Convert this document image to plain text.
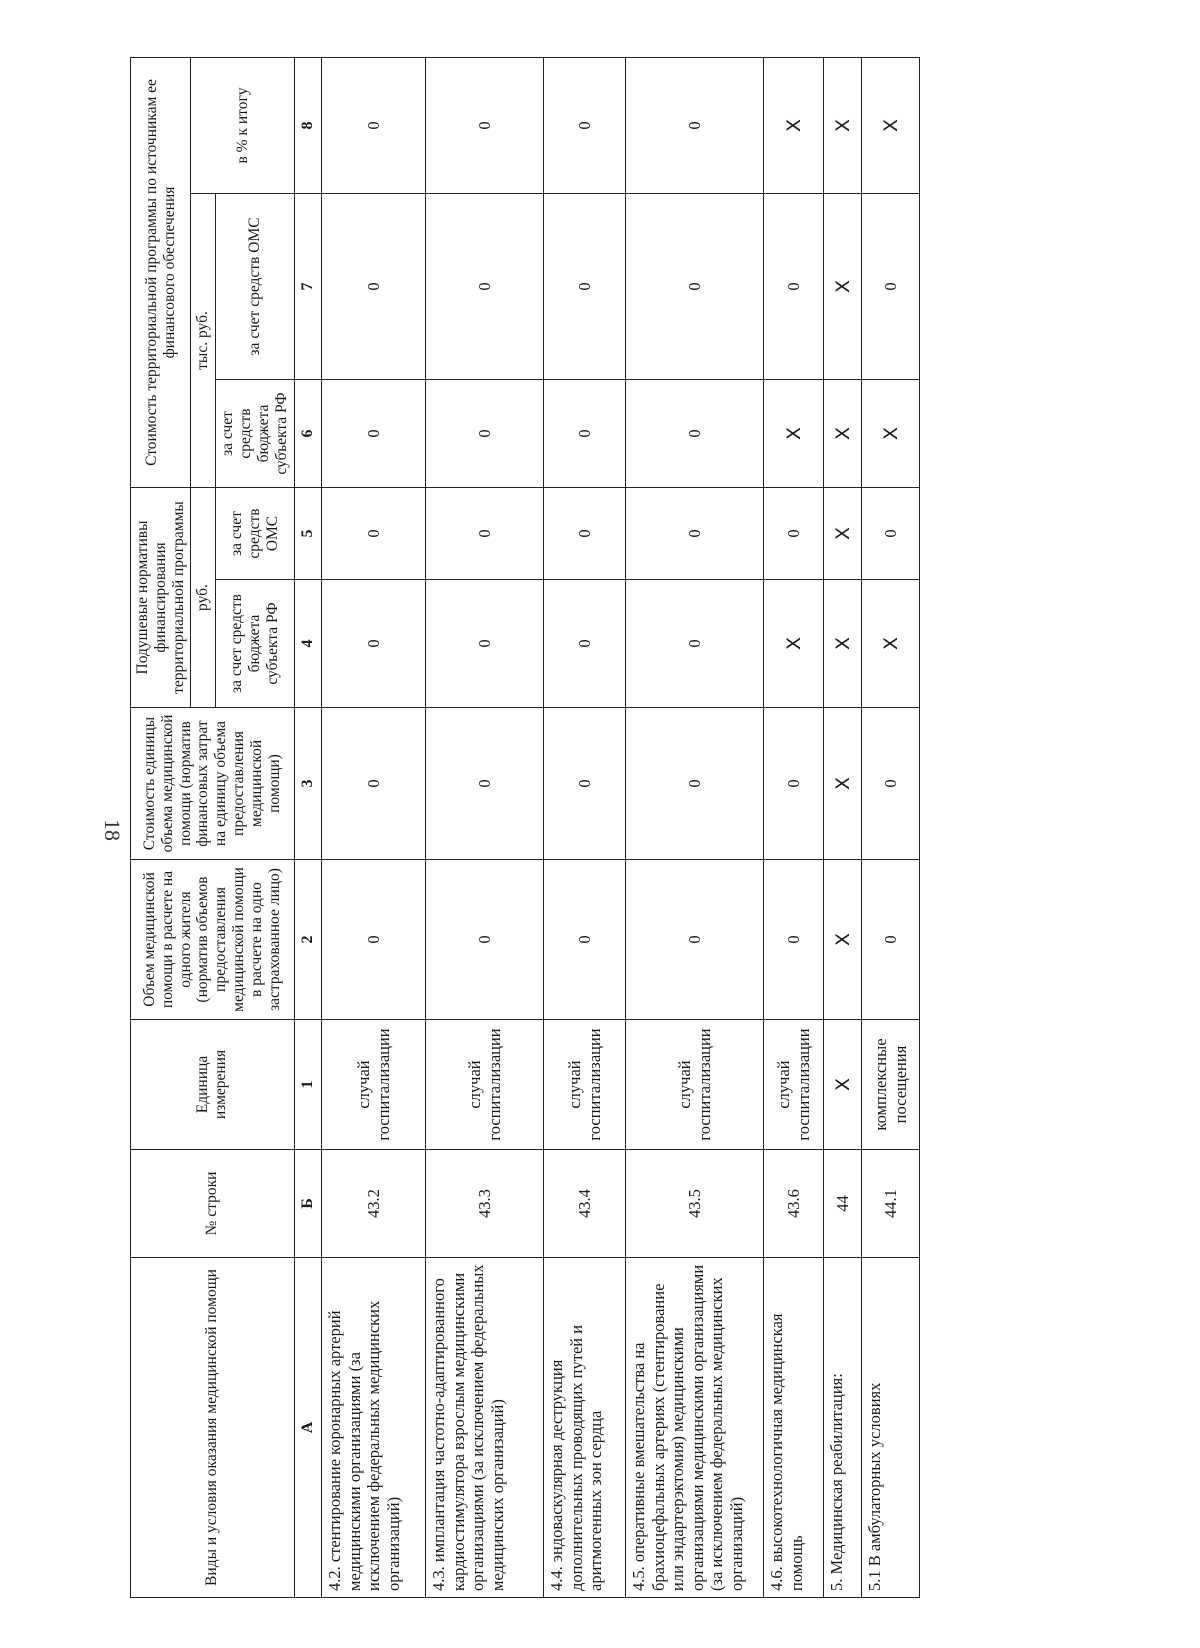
18
Виды и условия оказания медицинской помощи	№ строки	Единица измерения	Объем медицинской помощи в расчете на одного жителя (норматив объемов предоставления медицинской помощи в расчете на одно застрахованное лицо)	Стоимость единицы объема медицинской помощи (норматив финансовых затрат на единицу объема предоставления медицинской помощи)	Подушевые нормативы финансирования территориальной программы		Стоимость территориальной программы по источникам ее финансового обеспечения		
					руб.		тыс. руб.		в % к итогу
					за счет средств бюджета субъекта РФ	за счет средств ОМС	за счет средств бюджета субъекта РФ	за счет средств ОМС	
А	Б	1	2	3	4	5	6	7	8
4.2. стентирование коронарных артерий медицинскими организациями (за исключением федеральных медицинских организаций)	43.2	случай госпитализации	0	0	0	0	0	0	0
4.3. имплантация частотно-адаптированного кардиостимулятора взрослым медицинскими организациями (за исключением федеральных медицинских организаций)	43.3	случай госпитализации	0	0	0	0	0	0	0
4.4. эндоваскулярная деструкция дополнительных проводящих путей и аритмогенных зон сердца	43.4	случай госпитализации	0	0	0	0	0	0	0
4.5. оперативные вмешательства на брахиоцефальных артериях (стентирование или эндартерэктомия) медицинскими организациями медицинскими организациями (за исключением федеральных медицинских организаций)	43.5	случай госпитализации	0	0	0	0	0	0	0
4.6. высокотехнологичная медицинская помощь	43.6	случай госпитализации	0	0	X	0	X	0	X
5. Медицинская реабилитация:	44	X	X	X	X	X	X	X	X
5.1 В амбулаторных условиях	44.1	комплексные посещения	0	0	X	0	X	0	X
